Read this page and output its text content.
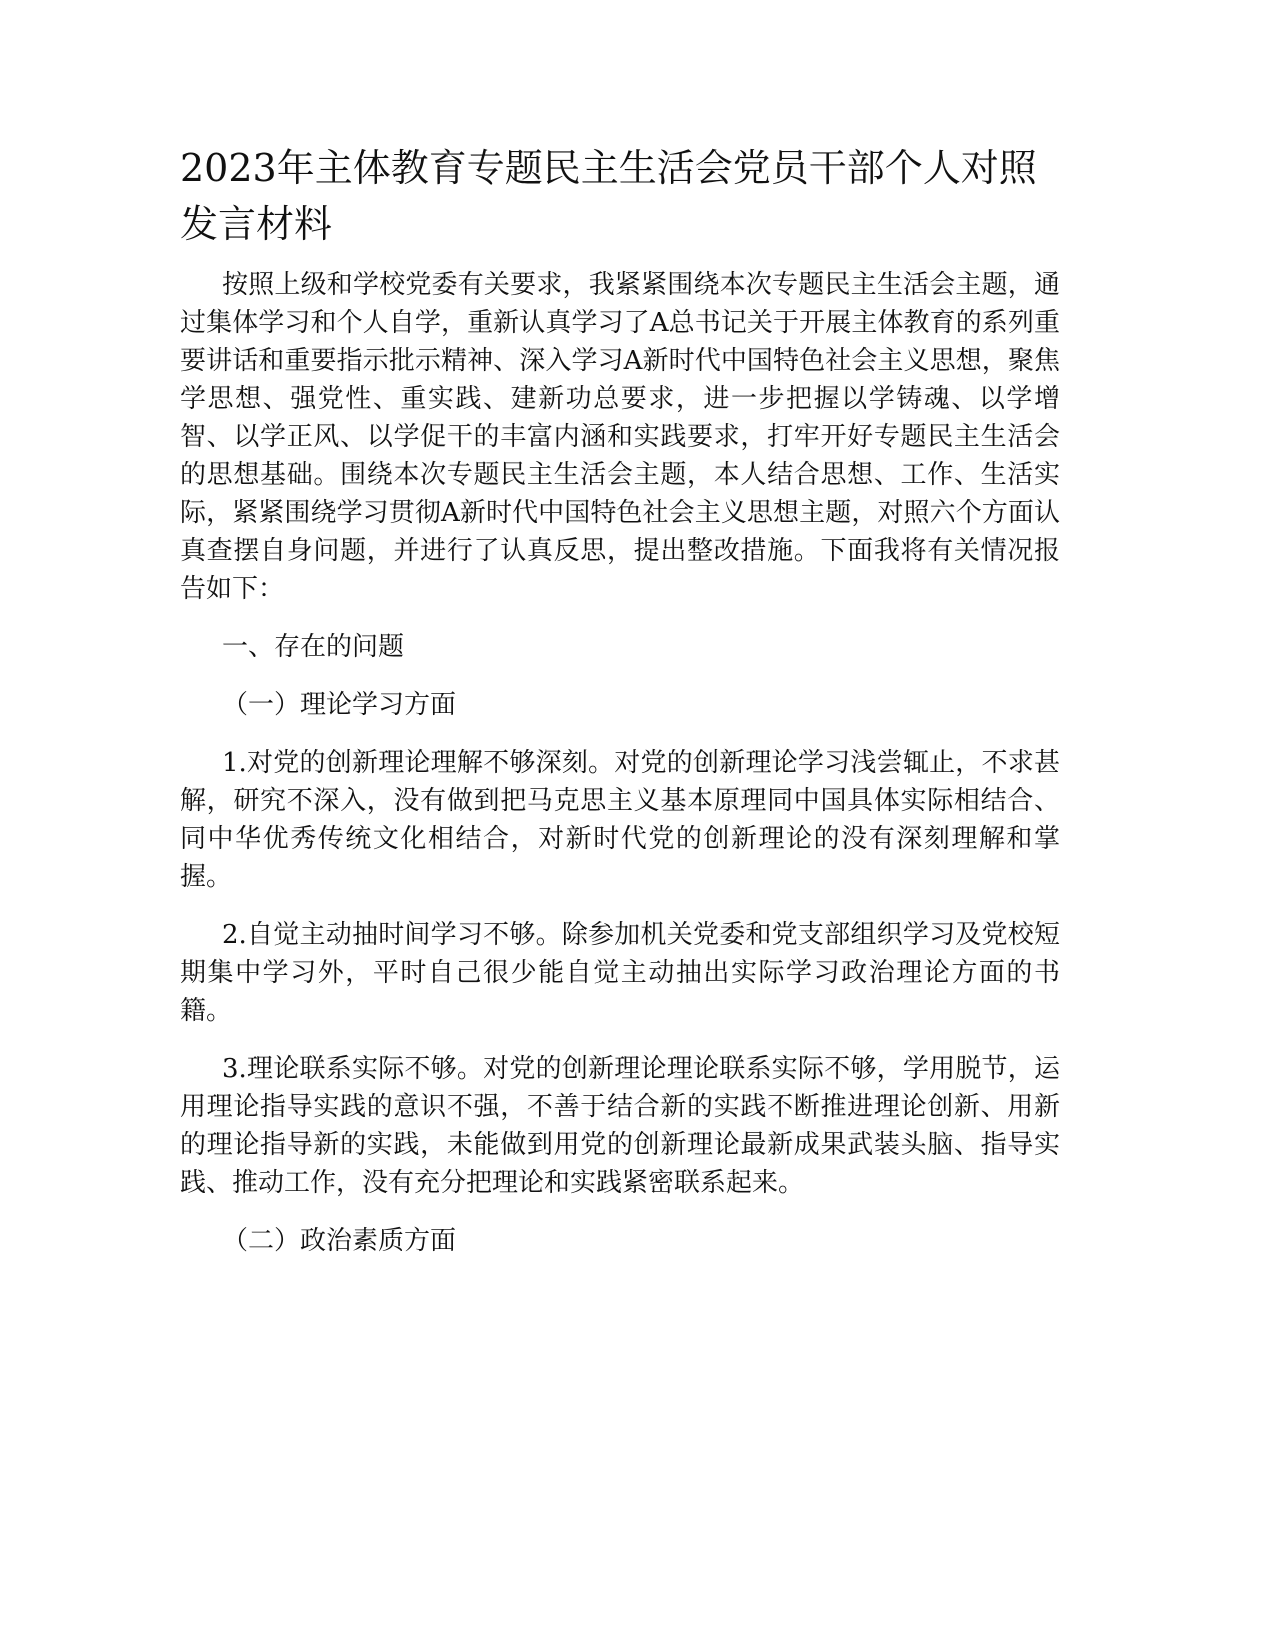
2023年主体教育专题民主生活会党员干部个人对照发言材料

按照上级和学校党委有关要求，我紧紧围绕本次专题民主生活会主题，通过集体学习和个人自学，重新认真学习了A总书记关于开展主体教育的系列重要讲话和重要指示批示精神、深入学习A新时代中国特色社会主义思想，聚焦学思想、强党性、重实践、建新功总要求，进一步把握以学铸魂、以学增智、以学正风、以学促干的丰富内涵和实践要求，打牢开好专题民主生活会的思想基础。围绕本次专题民主生活会主题，本人结合思想、工作、生活实际，紧紧围绕学习贯彻A新时代中国特色社会主义思想主题，对照六个方面认真查摆自身问题，并进行了认真反思，提出整改措施。下面我将有关情况报告如下：

一、存在的问题

（一）理论学习方面

1.对党的创新理论理解不够深刻。对党的创新理论学习浅尝辄止，不求甚解，研究不深入，没有做到把马克思主义基本原理同中国具体实际相结合、同中华优秀传统文化相结合，对新时代党的创新理论的没有深刻理解和掌握。

2.自觉主动抽时间学习不够。除参加机关党委和党支部组织学习及党校短期集中学习外，平时自己很少能自觉主动抽出实际学习政治理论方面的书籍。

3.理论联系实际不够。对党的创新理论理论联系实际不够，学用脱节，运用理论指导实践的意识不强，不善于结合新的实践不断推进理论创新、用新的理论指导新的实践，未能做到用党的创新理论最新成果武装头脑、指导实践、推动工作，没有充分把理论和实践紧密联系起来。

（二）政治素质方面
